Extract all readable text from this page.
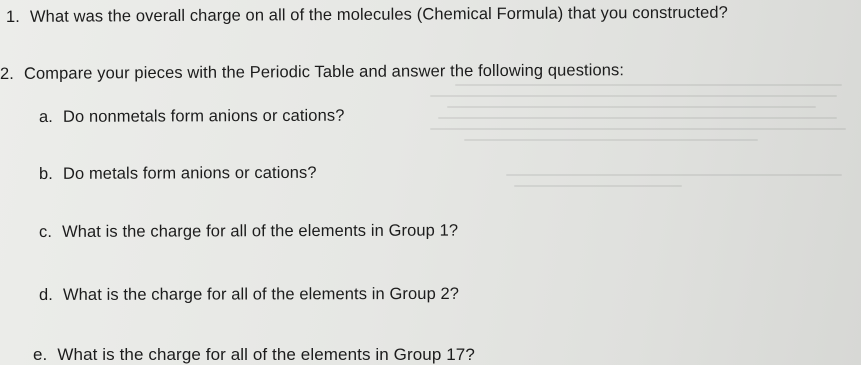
1. What was the overall charge on all of the molecules (Chemical Formula) that you constructed?
2. Compare your pieces with the Periodic Table and answer the following questions:
a. Do nonmetals form anions or cations?
b. Do metals form anions or cations?
c. What is the charge for all of the elements in Group 1?
d. What is the charge for all of the elements in Group 2?
e. What is the charge for all of the elements in Group 17?
